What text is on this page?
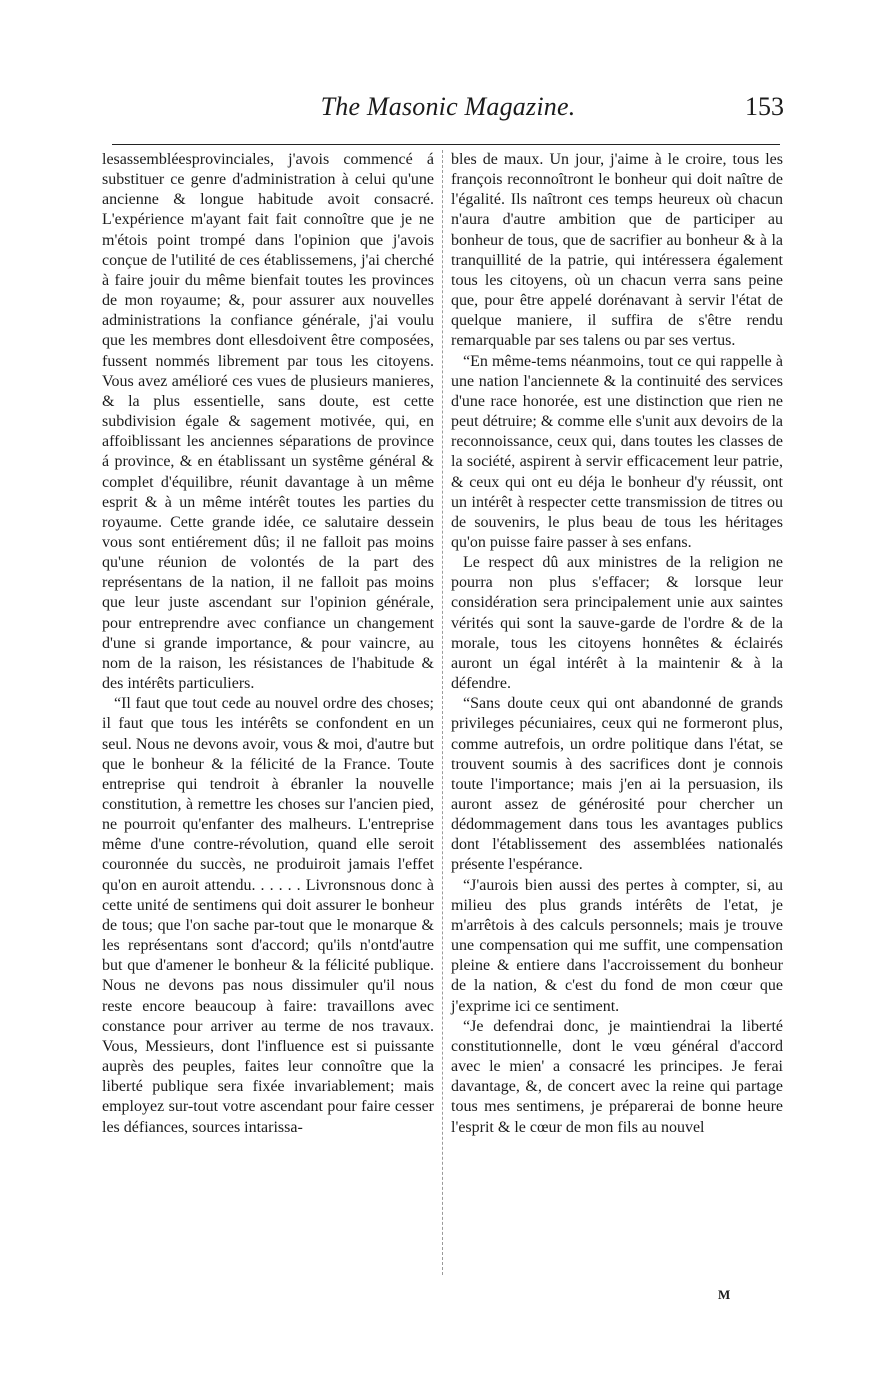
The Masonic Magazine.	153

lesassembléesprovinciales, j'avois commencé á substituer ce genre d'administration à celui qu'une ancienne & longue habitude avoit consacré. L'expérience m'ayant fait fait connoître que je ne m'étois point trompé dans l'opinion que j'avois conçue de l'utilité de ces établissemens, j'ai cherché à faire jouir du même bienfait toutes les provinces de mon royaume; &, pour assurer aux nouvelles administrations la confiance générale, j'ai voulu que les membres dont ellesdoivent être composées, fussent nommés librement par tous les citoyens. Vous avez amélioré ces vues de plusieurs manieres, & la plus essentielle, sans doute, est cette subdivision égale & sagement motivée, qui, en affoiblissant les anciennes séparations de province á province, & en établissant un systême général & complet d'équilibre, réunit davantage à un même esprit & à un même intérêt toutes les parties du royaume. Cette grande idée, ce salutaire dessein vous sont entiérement dûs; il ne falloit pas moins qu'une réunion de volontés de la part des représentans de la nation, il ne falloit pas moins que leur juste ascendant sur l'opinion générale, pour entreprendre avec confiance un changement d'une si grande importance, & pour vaincre, au nom de la raison, les résistances de l'habitude & des intérêts particuliers.

“Il faut que tout cede au nouvel ordre des choses; il faut que tous les intérêts se confondent en un seul. Nous ne devons avoir, vous & moi, d'autre but que le bonheur & la félicité de la France. Toute entreprise qui tendroit à ébranler la nouvelle constitution, à remettre les choses sur l'ancien pied, ne pourroit qu'enfanter des malheurs. L'entreprise même d'une contre-révolution, quand elle seroit couronnée du succès, ne produiroit jamais l'effet qu'on en auroit attendu. . . . . . Livronsnous donc à cette unité de sentimens qui doit assurer le bonheur de tous; que l'on sache par-tout que le monarque & les représentans sont d'accord; qu'ils n'ontd'autre but que d'amener le bonheur & la félicité publique. Nous ne devons pas nous dissimuler qu'il nous reste encore beaucoup à faire: travaillons avec constance pour arriver au terme de nos travaux. Vous, Messieurs, dont l'influence est si puissante auprès des peuples, faites leur connoître que la liberté publique sera fixée invariablement; mais employez sur-tout votre ascendant pour faire cesser les défiances, sources intarissa-

bles de maux. Un jour, j'aime à le croire, tous les françois reconnoîtront le bonheur qui doit naître de l'égalité. Ils naîtront ces temps heureux où chacun n'aura d'autre ambition que de participer au bonheur de tous, que de sacrifier au bonheur & à la tranquillité de la patrie, qui intéressera également tous les citoyens, où un chacun verra sans peine que, pour être appelé dorénavant à servir l'état de quelque maniere, il suffira de s'être rendu remarquable par ses talens ou par ses vertus.

“En même-tems néanmoins, tout ce qui rappelle à une nation l'anciennete & la continuité des services d'une race honorée, est une distinction que rien ne peut détruire; & comme elle s'unit aux devoirs de la reconnoissance, ceux qui, dans toutes les classes de la société, aspirent à servir efficacement leur patrie, & ceux qui ont eu déja le bonheur d'y réussit, ont un intérêt à respecter cette transmission de titres ou de souvenirs, le plus beau de tous les héritages qu'on puisse faire passer à ses enfans.

Le respect dû aux ministres de la religion ne pourra non plus s'effacer; & lorsque leur considération sera principalement unie aux saintes vérités qui sont la sauve-garde de l'ordre & de la morale, tous les citoyens honnêtes & éclairés auront un égal intérêt à la maintenir & à la défendre.

“Sans doute ceux qui ont abandonné de grands privileges pécuniaires, ceux qui ne formeront plus, comme autrefois, un ordre politique dans l'état, se trouvent soumis à des sacrifices dont je connois toute l'importance; mais j'en ai la persuasion, ils auront assez de générosité pour chercher un dédommagement dans tous les avantages publics dont l'établissement des assemblées nationalés présente l'espérance.

“J'aurois bien aussi des pertes à compter, si, au milieu des plus grands intérêts de l'etat, je m'arrêtois à des calculs personnels; mais je trouve une compensation qui me suffit, une compensation pleine & entiere dans l'accroissement du bonheur de la nation, & c'est du fond de mon cœur que j'exprime ici ce sentiment.

“Je defendrai donc, je maintiendrai la liberté constitutionnelle, dont le vœu général d'accord avec le mien' a consacré les principes. Je ferai davantage, &, de concert avec la reine qui partage tous mes sentimens, je préparerai de bonne heure l'esprit & le cœur de mon fils au nouvel

M
